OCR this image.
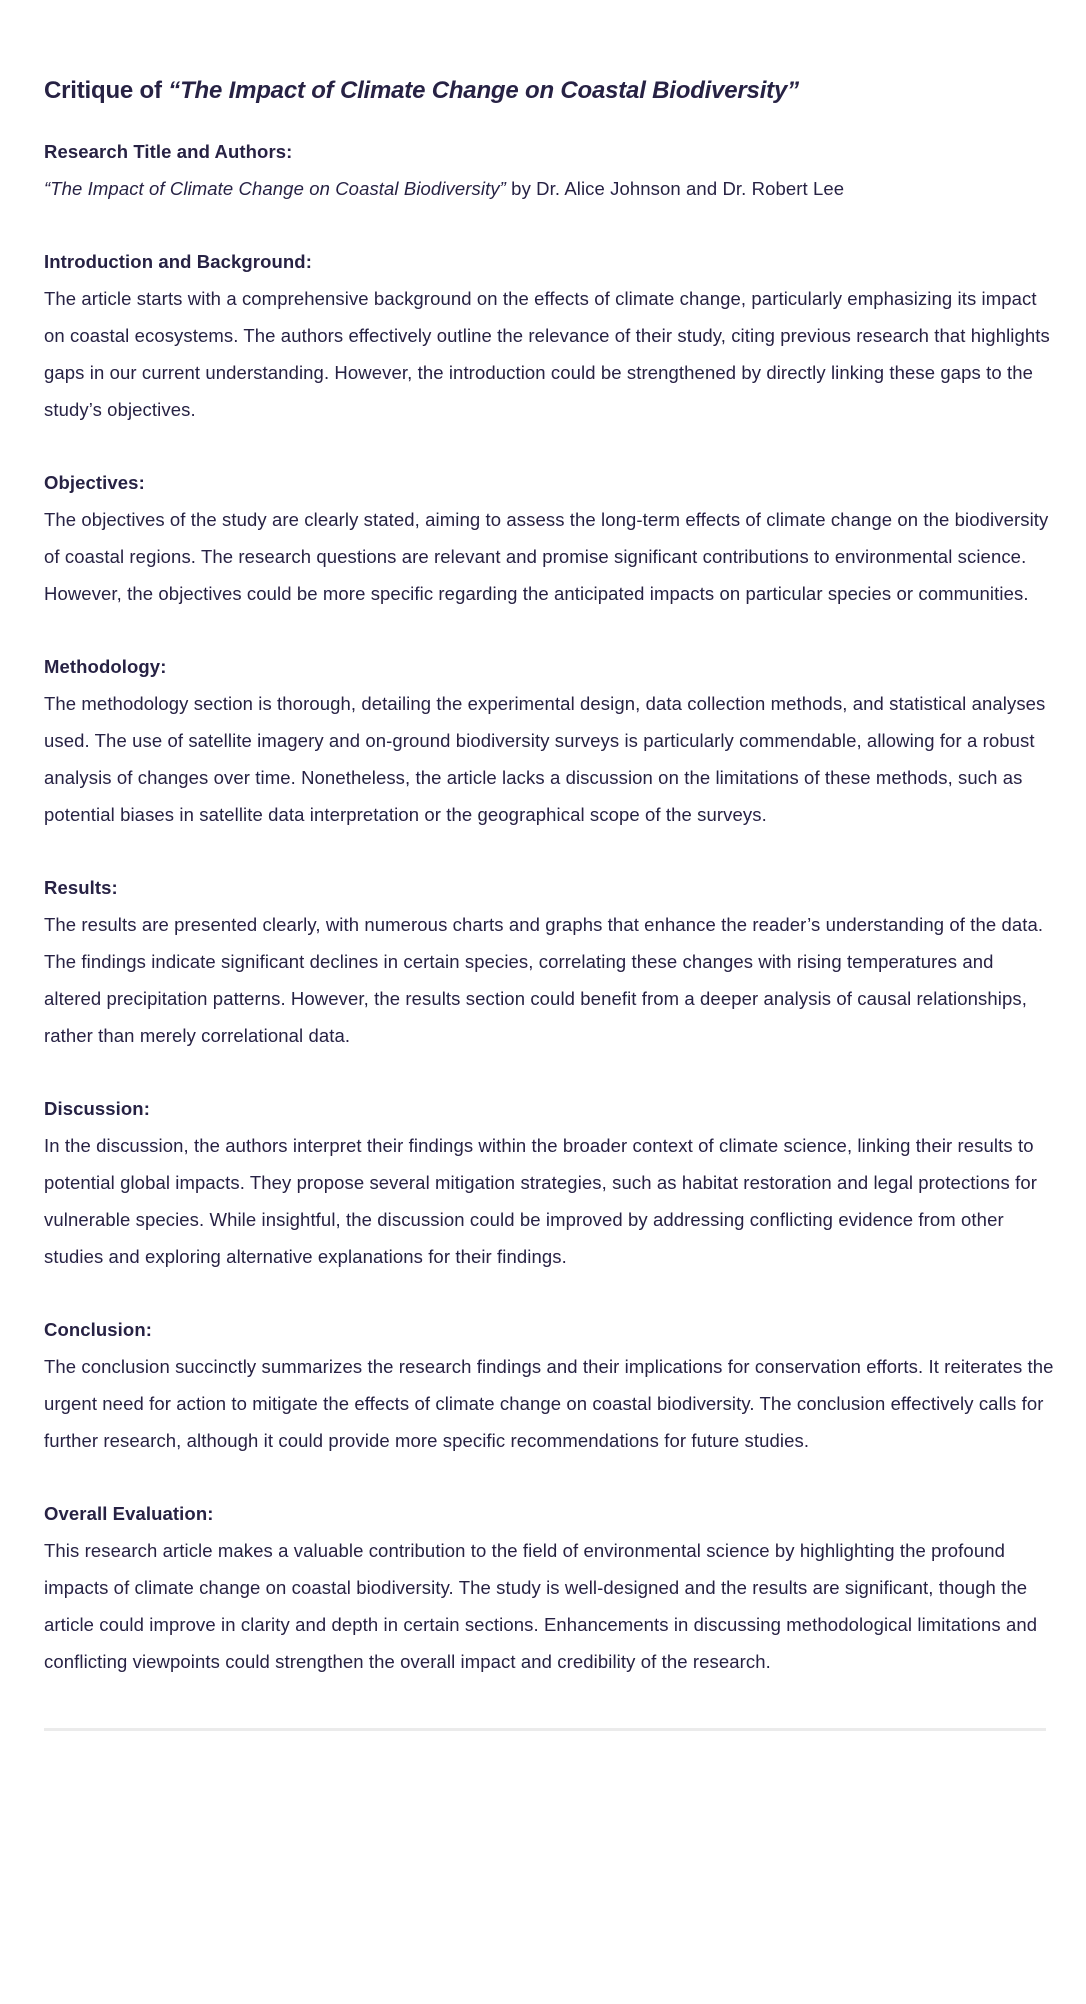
Critique of “The Impact of Climate Change on Coastal Biodiversity”

Research Title and Authors:

“The Impact of Climate Change on Coastal Biodiversity” by Dr. Alice Johnson and Dr. Robert Lee

Introduction and Background:

The article starts with a comprehensive background on the effects of climate change, particularly emphasizing its impact on coastal ecosystems. The authors effectively outline the relevance of their study, citing previous research that highlights gaps in our current understanding. However, the introduction could be strengthened by directly linking these gaps to the study’s objectives.

Objectives:

The objectives of the study are clearly stated, aiming to assess the long-term effects of climate change on the biodiversity of coastal regions. The research questions are relevant and promise significant contributions to environmental science. However, the objectives could be more specific regarding the anticipated impacts on particular species or communities.

Methodology:

The methodology section is thorough, detailing the experimental design, data collection methods, and statistical analyses used. The use of satellite imagery and on-ground biodiversity surveys is particularly commendable, allowing for a robust analysis of changes over time. Nonetheless, the article lacks a discussion on the limitations of these methods, such as potential biases in satellite data interpretation or the geographical scope of the surveys.

Results:

The results are presented clearly, with numerous charts and graphs that enhance the reader’s understanding of the data. The findings indicate significant declines in certain species, correlating these changes with rising temperatures and altered precipitation patterns. However, the results section could benefit from a deeper analysis of causal relationships, rather than merely correlational data.

Discussion:

In the discussion, the authors interpret their findings within the broader context of climate science, linking their results to potential global impacts. They propose several mitigation strategies, such as habitat restoration and legal protections for vulnerable species. While insightful, the discussion could be improved by addressing conflicting evidence from other studies and exploring alternative explanations for their findings.

Conclusion:

The conclusion succinctly summarizes the research findings and their implications for conservation efforts. It reiterates the urgent need for action to mitigate the effects of climate change on coastal biodiversity. The conclusion effectively calls for further research, although it could provide more specific recommendations for future studies.

Overall Evaluation:

This research article makes a valuable contribution to the field of environmental science by highlighting the profound impacts of climate change on coastal biodiversity. The study is well-designed and the results are significant, though the article could improve in clarity and depth in certain sections. Enhancements in discussing methodological limitations and conflicting viewpoints could strengthen the overall impact and credibility of the research.
